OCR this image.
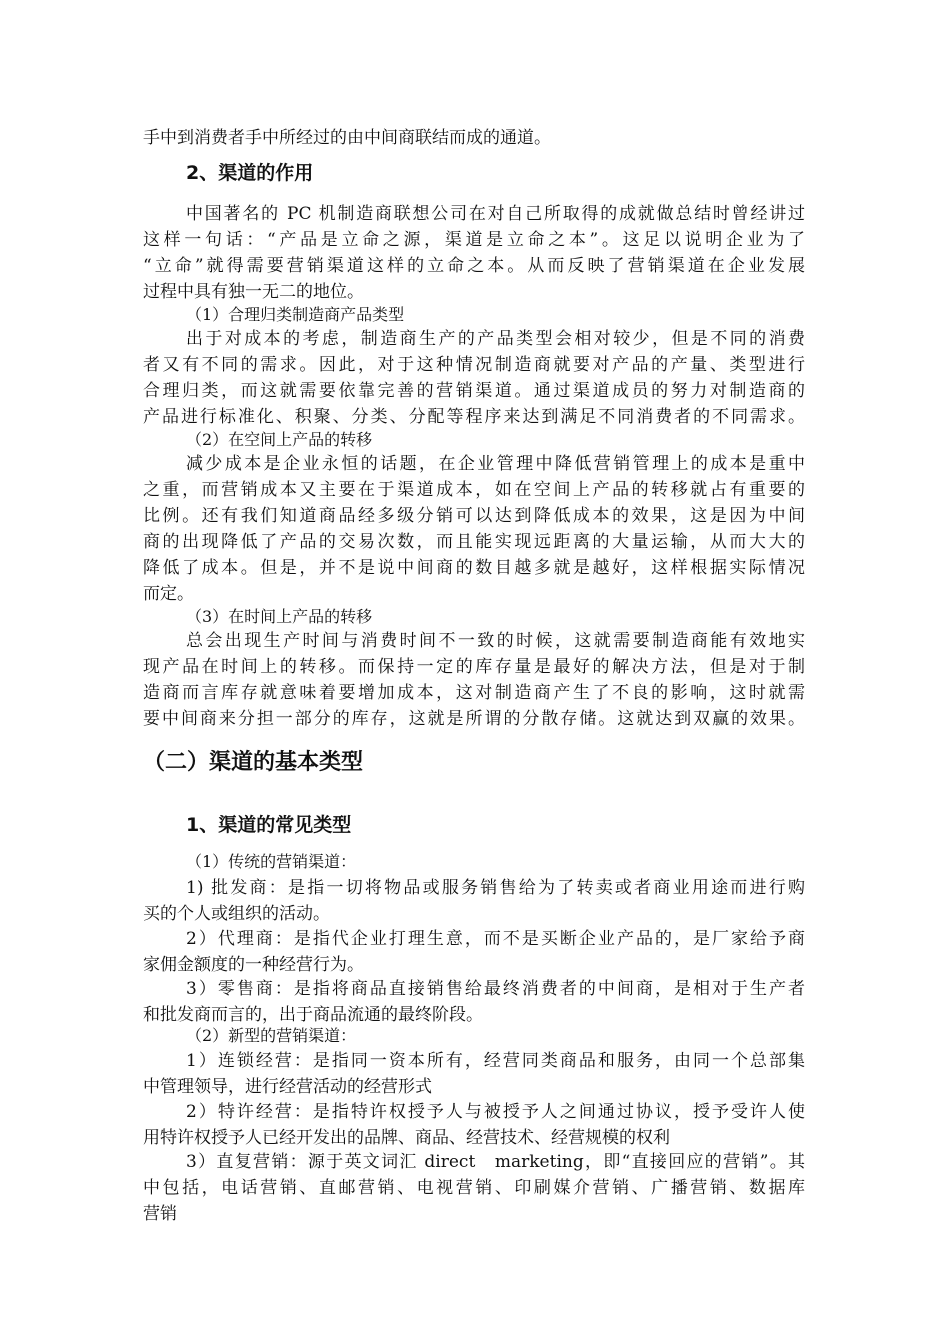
手中到消费者手中所经过的由中间商联结而成的通道。
2、渠道的作用
中国著名的 PC 机制造商联想公司在对自己所取得的成就做总结时曾经讲过
这样一句话：“产品是立命之源，渠道是立命之本”。这足以说明企业为了
“立命”就得需要营销渠道这样的立命之本。从而反映了营销渠道在企业发展
过程中具有独一无二的地位。
（1）合理归类制造商产品类型
出于对成本的考虑，制造商生产的产品类型会相对较少，但是不同的消费
者又有不同的需求。因此，对于这种情况制造商就要对产品的产量、类型进行
合理归类，而这就需要依靠完善的营销渠道。通过渠道成员的努力对制造商的
产品进行标准化、积聚、分类、分配等程序来达到满足不同消费者的不同需求。
（2）在空间上产品的转移
减少成本是企业永恒的话题，在企业管理中降低营销管理上的成本是重中
之重，而营销成本又主要在于渠道成本，如在空间上产品的转移就占有重要的
比例。还有我们知道商品经多级分销可以达到降低成本的效果，这是因为中间
商的出现降低了产品的交易次数，而且能实现远距离的大量运输，从而大大的
降低了成本。但是，并不是说中间商的数目越多就是越好，这样根据实际情况
而定。
（3）在时间上产品的转移
总会出现生产时间与消费时间不一致的时候，这就需要制造商能有效地实
现产品在时间上的转移。而保持一定的库存量是最好的解决方法，但是对于制
造商而言库存就意味着要增加成本，这对制造商产生了不良的影响，这时就需
要中间商来分担一部分的库存，这就是所谓的分散存储。这就达到双赢的效果。
（二）渠道的基本类型
1、渠道的常见类型
（1）传统的营销渠道：
1) 批发商：是指一切将物品或服务销售给为了转卖或者商业用途而进行购
买的个人或组织的活动。
2）代理商：是指代企业打理生意，而不是买断企业产品的，是厂家给予商
家佣金额度的一种经营行为。
3）零售商：是指将商品直接销售给最终消费者的中间商，是相对于生产者
和批发商而言的，出于商品流通的最终阶段。
（2）新型的营销渠道：
1）连锁经营：是指同一资本所有，经营同类商品和服务，由同一个总部集
中管理领导，进行经营活动的经营形式
2）特许经营：是指特许权授予人与被授予人之间通过协议，授予受许人使
用特许权授予人已经开发出的品牌、商品、经营技术、经营规模的权利
3）直复营销：源于英文词汇 direct　marketing，即“直接回应的营销”。其
中包括，电话营销、直邮营销、电视营销、印刷媒介营销、广播营销、数据库
营销
